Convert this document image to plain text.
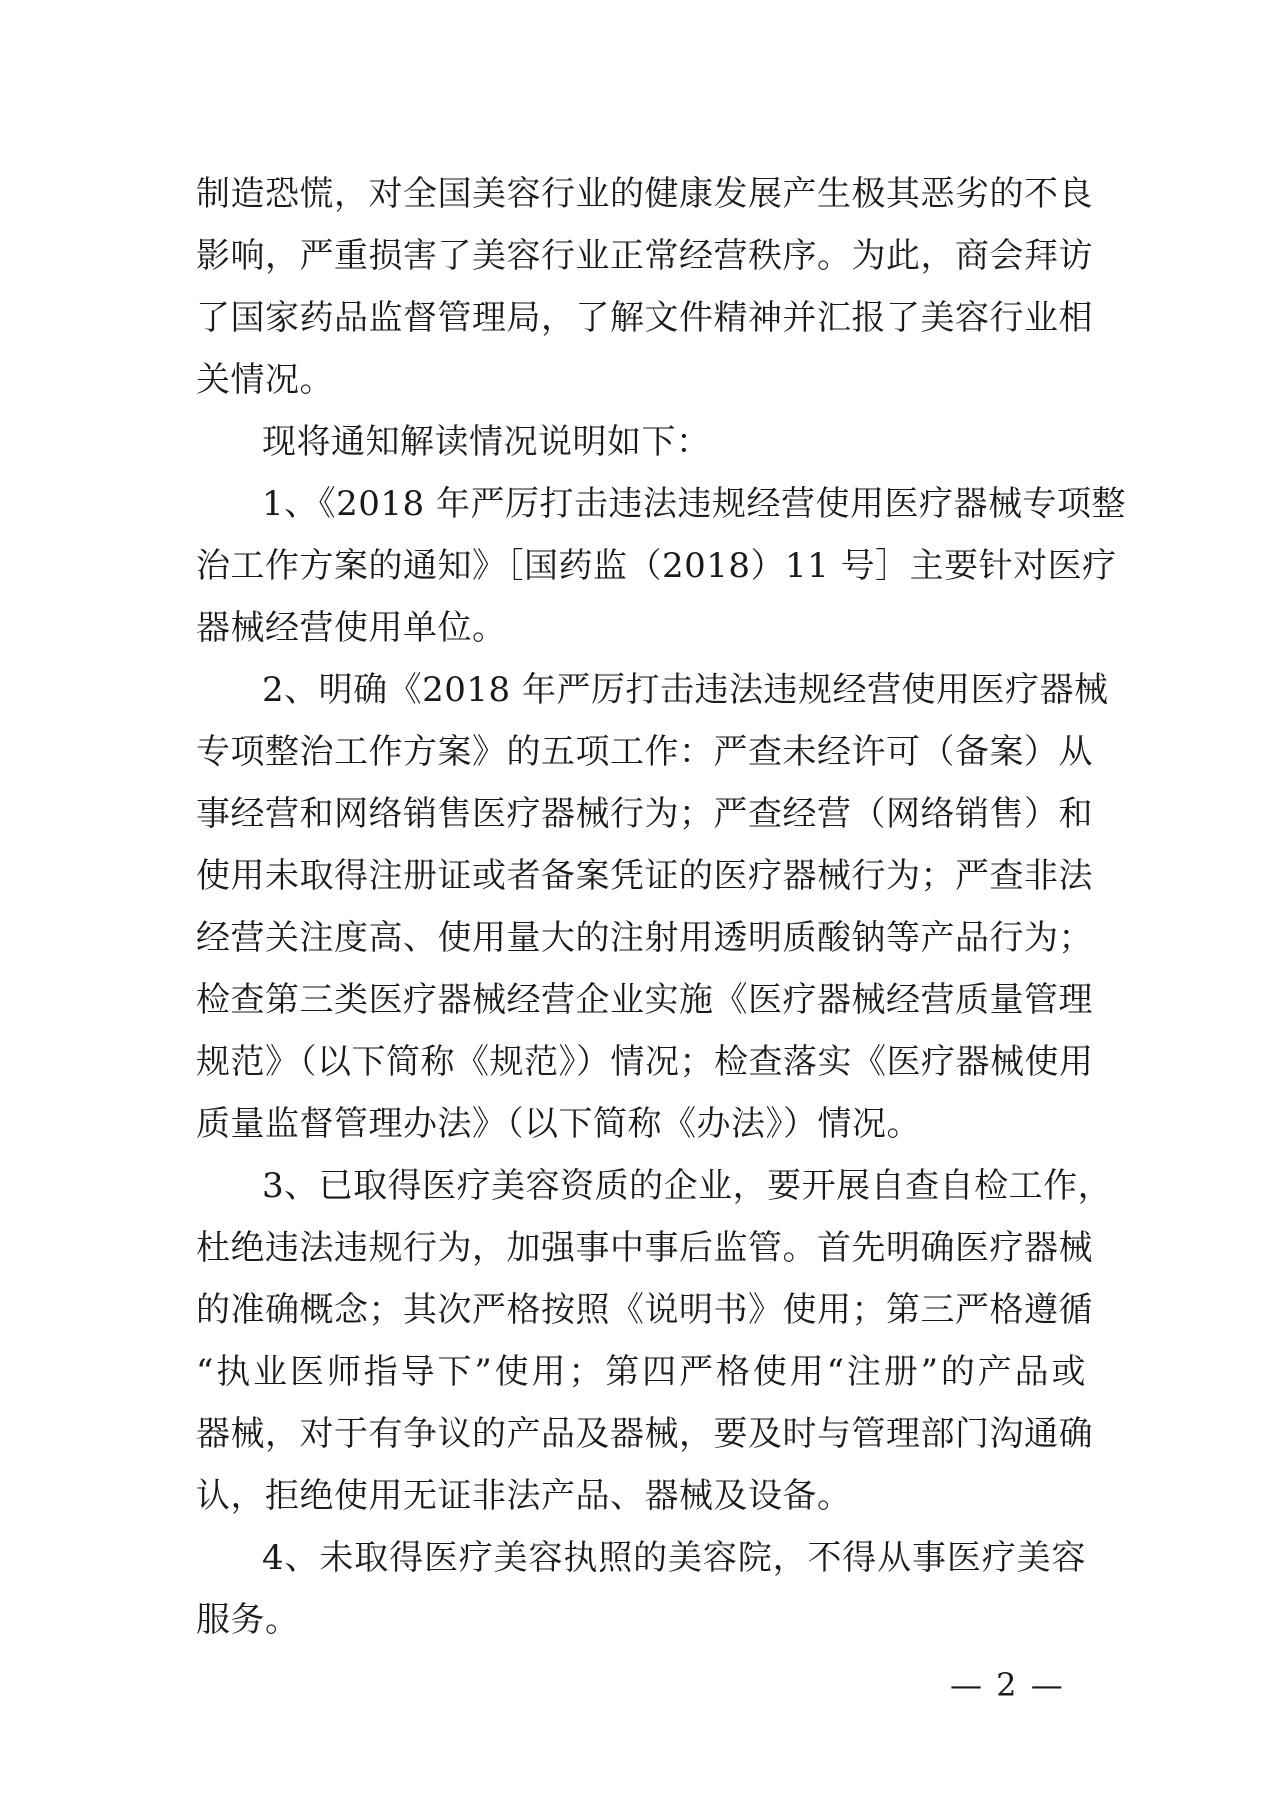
制造恐慌，对全国美容行业的健康发展产生极其恶劣的不良
影响，严重损害了美容行业正常经营秩序。为此，商会拜访
了国家药品监督管理局，了解文件精神并汇报了美容行业相
关情况。
现将通知解读情况说明如下：
1、《2018 年严厉打击违法违规经营使用医疗器械专项整
治工作方案的通知》［国药监（2018）11 号］主要针对医疗
器械经营使用单位。
2、明确《2018 年严厉打击违法违规经营使用医疗器械
专项整治工作方案》的五项工作：严查未经许可（备案）从
事经营和网络销售医疗器械行为；严查经营（网络销售）和
使用未取得注册证或者备案凭证的医疗器械行为；严查非法
经营关注度高、使用量大的注射用透明质酸钠等产品行为；
检查第三类医疗器械经营企业实施《医疗器械经营质量管理
规范》（以下简称《规范》）情况；检查落实《医疗器械使用
质量监督管理办法》（以下简称《办法》）情况。
3、已取得医疗美容资质的企业，要开展自查自检工作，
杜绝违法违规行为，加强事中事后监管。首先明确医疗器械
的准确概念；其次严格按照《说明书》使用；第三严格遵循
“执业医师指导下”使用；第四严格使用“注册”的产品或
器械，对于有争议的产品及器械，要及时与管理部门沟通确
认，拒绝使用无证非法产品、器械及设备。
4、未取得医疗美容执照的美容院，不得从事医疗美容
服务。
— 2 —
